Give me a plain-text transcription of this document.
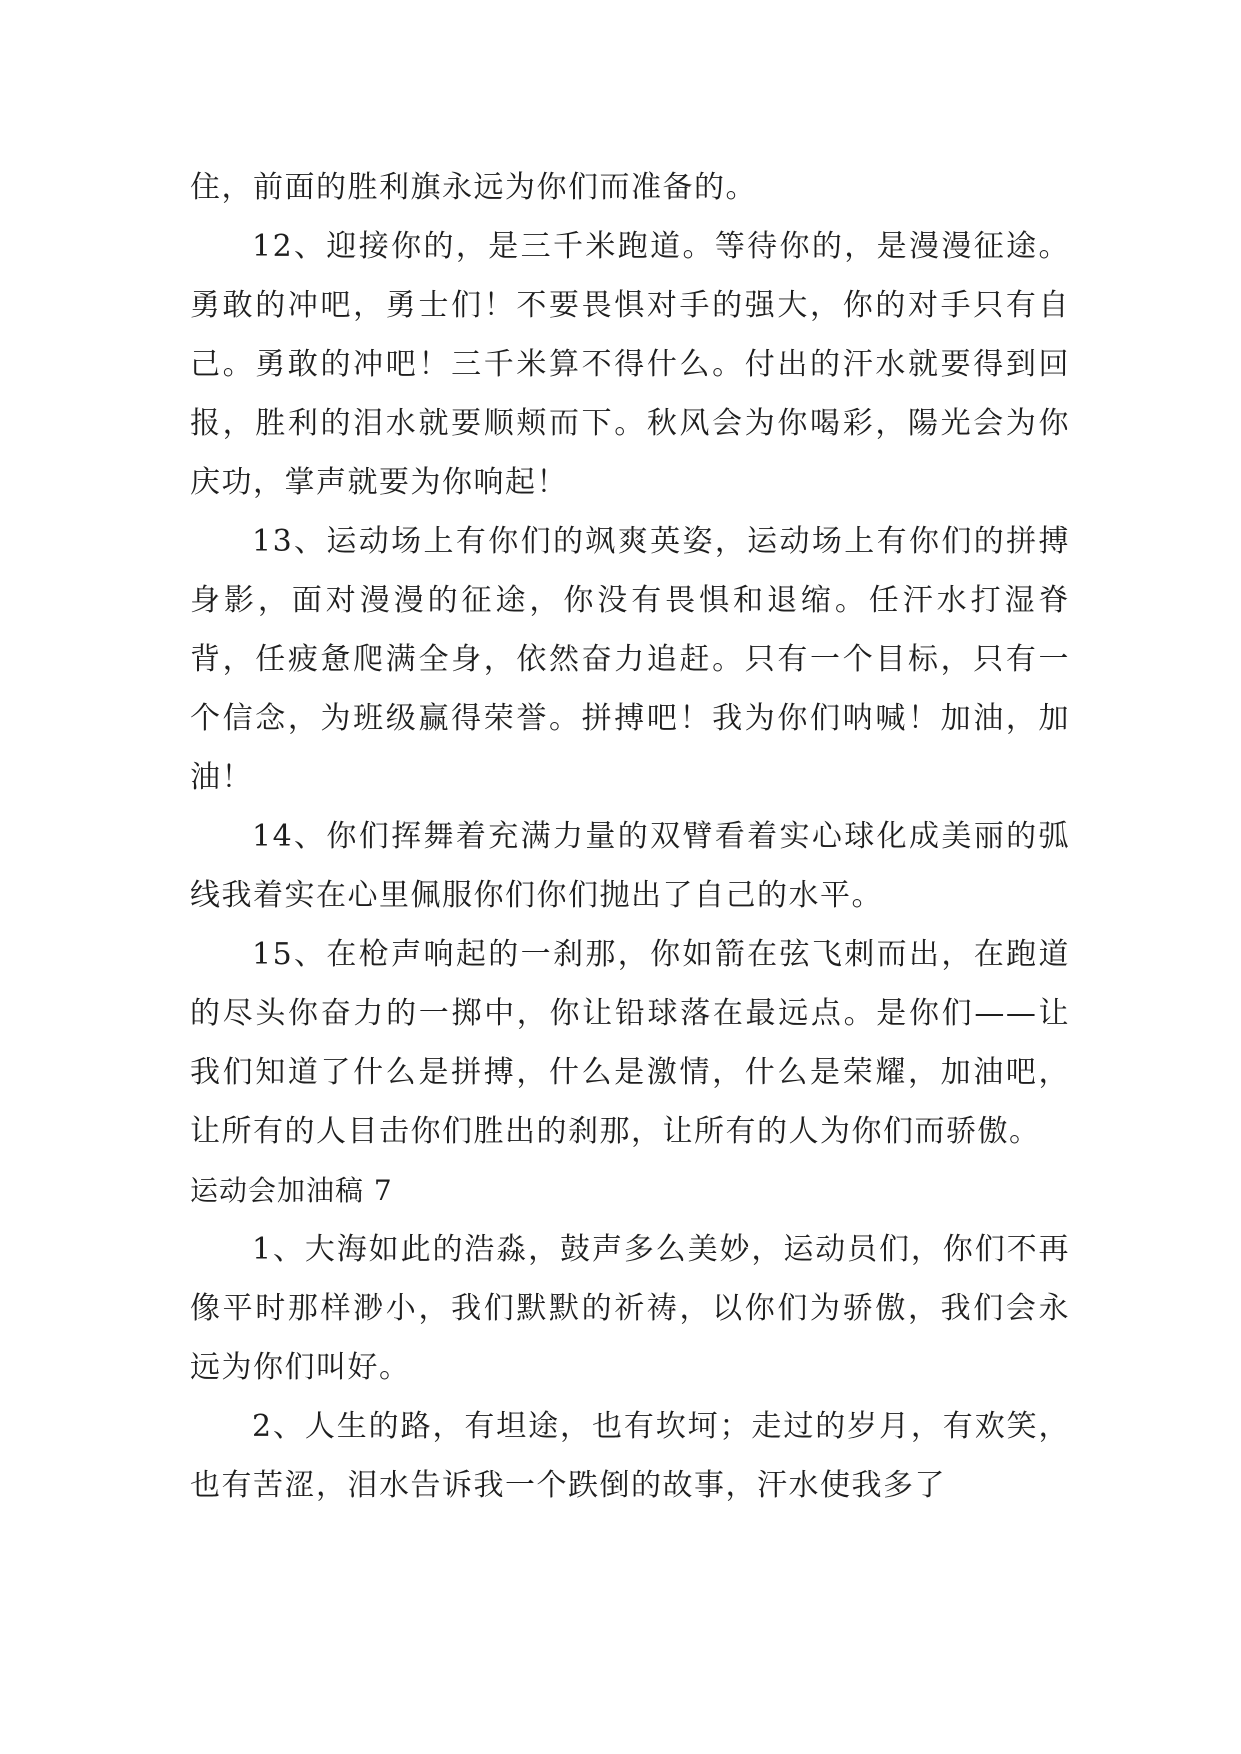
住，前面的胜利旗永远为你们而准备的。

12、迎接你的，是三千米跑道。等待你的，是漫漫征途。勇敢的冲吧，勇士们！不要畏惧对手的强大，你的对手只有自己。勇敢的冲吧！三千米算不得什么。付出的汗水就要得到回报，胜利的泪水就要顺颊而下。秋风会为你喝彩，陽光会为你庆功，掌声就要为你响起！

13、运动场上有你们的飒爽英姿，运动场上有你们的拼搏身影，面对漫漫的征途，你没有畏惧和退缩。任汗水打湿脊背，任疲惫爬满全身，依然奋力追赶。只有一个目标，只有一个信念，为班级赢得荣誉。拼搏吧！我为你们呐喊！加油，加油！

14、你们挥舞着充满力量的双臂看着实心球化成美丽的弧线我着实在心里佩服你们你们抛出了自己的水平。

15、在枪声响起的一刹那，你如箭在弦飞刺而出，在跑道的尽头你奋力的一掷中，你让铅球落在最远点。是你们——让我们知道了什么是拼搏，什么是激情，什么是荣耀，加油吧，让所有的人目击你们胜出的刹那，让所有的人为你们而骄傲。

运动会加油稿 7

1、大海如此的浩淼，鼓声多么美妙，运动员们，你们不再像平时那样渺小，我们默默的祈祷，以你们为骄傲，我们会永远为你们叫好。

2、人生的路，有坦途，也有坎坷；走过的岁月，有欢笑，也有苦涩，泪水告诉我一个跌倒的故事，汗水使我多了
